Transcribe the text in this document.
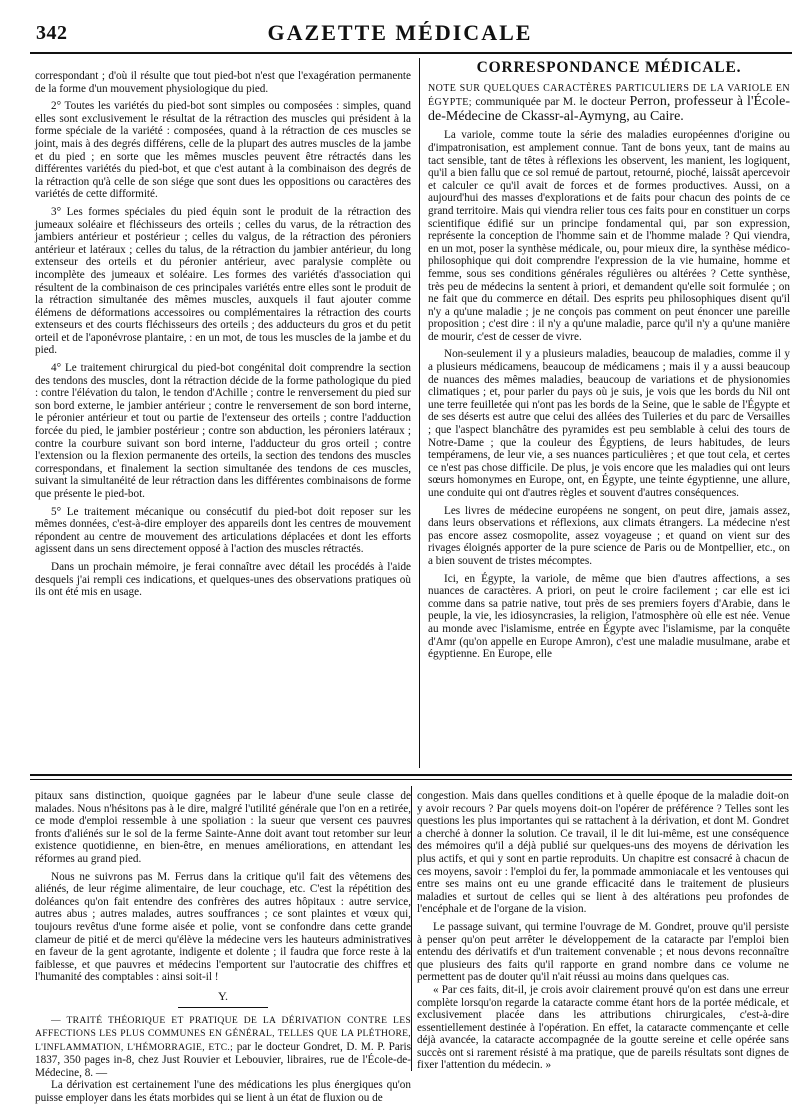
342	GAZETTE MÉDICALE

correspondant ; d'où il résulte que tout pied-bot n'est que l'exagération permanente de la forme d'un mouvement physiologique du pied.

2° Toutes les variétés du pied-bot sont simples ou composées : simples, quand elles sont exclusivement le résultat de la rétraction des muscles qui président à la forme spéciale de la variété : composées, quand à la rétraction de ces muscles se joint, mais à des degrés différens, celle de la plupart des autres muscles de la jambe et du pied ; en sorte que les mêmes muscles peuvent être rétractés dans les différentes variétés du pied-bot, et que c'est autant à la combinaison des degrés de la rétraction qu'à celle de son siége que sont dues les oppositions ou caractères des variétés de cette difformité.

3° Les formes spéciales du pied équin sont le produit de la rétraction des jumeaux soléaire et fléchisseurs des orteils ; celles du varus, de la rétraction des jambiers antérieur et postérieur ; celles du valgus, de la rétraction des péroniers antérieur et latéraux ; celles du talus, de la rétraction du jambier antérieur, du long extenseur des orteils et du péronier antérieur, avec paralysie complète ou incomplète des jumeaux et soléaire. Les formes des variétés d'association qui résultent de la combinaison de ces principales variétés entre elles sont le produit de la rétraction simultanée des mêmes muscles, auxquels il faut ajouter comme élémens de déformations accessoires ou complémentaires la rétraction des courts extenseurs et des courts fléchisseurs des orteils ; des adducteurs du gros et du petit orteil et de l'aponévrose plantaire, : en un mot, de tous les muscles de la jambe et du pied.

4° Le traitement chirurgical du pied-bot congénital doit comprendre la section des tendons des muscles, dont la rétraction décide de la forme pathologique du pied : contre l'élévation du talon, le tendon d'Achille ; contre le renversement du pied sur son bord externe, le jambier antérieur ; contre le renversement de son bord interne, le péronier antérieur et tout ou partie de l'extenseur des orteils ; contre l'adduction forcée du pied, le jambier postérieur ; contre son abduction, les péroniers latéraux ; contre la courbure suivant son bord interne, l'adducteur du gros orteil ; contre l'extension ou la flexion permanente des orteils, la section des tendons des muscles correspondans, et finalement la section simultanée des tendons de ces muscles, suivant la simultanéité de leur rétraction dans les différentes combinaisons de forme que présente le pied-bot.

5° Le traitement mécanique ou consécutif du pied-bot doit reposer sur les mêmes données, c'est-à-dire employer des appareils dont les centres de mouvement répondent au centre de mouvement des articulations déplacées et dont les efforts agissent dans un sens directement opposé à l'action des muscles rétractés.

Dans un prochain mémoire, je ferai connaître avec détail les procédés à l'aide desquels j'ai rempli ces indications, et quelques-unes des observations pratiques où ils ont été mis en usage.

CORRESPONDANCE MÉDICALE.

NOTE SUR QUELQUES CARACTÈRES PARTICULIERS DE LA VARIOLE EN ÉGYPTE; communiquée par M. le docteur Perron, professeur à l'École-de-Médecine de Ckassr-al-Aymyng, au Caire.

La variole, comme toute la série des maladies européennes d'origine ou d'impatronisation, est amplement connue. Tant de bons yeux, tant de mains au tact sensible, tant de têtes à réflexions les observent, les manient, les logiquent, qu'il a bien fallu que ce sol remué de partout, retourné, pioché, laissât apercevoir et calculer ce qu'il avait de forces et de formes productives. Aussi, on a aujourd'hui des masses d'explorations et de faits pour chacun des points de ce grand territoire. Mais qui viendra relier tous ces faits pour en constituer un corps scientifique édifié sur un principe fondamental qui, par son expression, représente la conception de l'homme sain et de l'homme malade ? Qui viendra, en un mot, poser la synthèse médicale, ou, pour mieux dire, la synthèse médico-philosophique qui doit comprendre l'expression de la vie humaine, homme et femme, sous ses conditions générales régulières ou altérées ? Cette synthèse, très peu de médecins la sentent à priori, et demandent qu'elle soit formulée ; on ne fait que du commerce en détail. Des esprits peu philosophiques disent qu'il n'y a qu'une maladie ; je ne conçois pas comment on peut énoncer une pareille proposition ; c'est dire : il n'y a qu'une maladie, parce qu'il n'y a qu'une manière de mourir, c'est de cesser de vivre.

Non-seulement il y a plusieurs maladies, beaucoup de maladies, comme il y a plusieurs médicamens, beaucoup de médicamens ; mais il y a aussi beaucoup de nuances des mêmes maladies, beaucoup de variations et de physionomies climatiques ; et, pour parler du pays où je suis, je vois que les bords du Nil ont une terre feuilletée qui n'ont pas les bords de la Seine, que le sable de l'Égypte et de ses déserts est autre que celui des allées des Tuileries et du parc de Versailles ; que l'aspect blanchâtre des pyramides est peu semblable à celui des tours de Notre-Dame ; que la couleur des Égyptiens, de leurs habitudes, de leurs tempéramens, de leur vie, a ses nuances particulières ; et que tout cela, et certes ce n'est pas chose difficile. De plus, je vois encore que les maladies qui ont leurs sœurs homonymes en Europe, ont, en Égypte, une teinte égyptienne, une allure, une conduite qui ont d'autres règles et souvent d'autres conséquences.

Les livres de médecine européens ne songent, on peut dire, jamais assez, dans leurs observations et réflexions, aux climats étrangers. La médecine n'est pas encore assez cosmopolite, assez voyageuse ; et quand on vient sur des rivages éloignés apporter de la pure science de Paris ou de Montpellier, etc., on a bien souvent de tristes mécomptes.

Ici, en Égypte, la variole, de même que bien d'autres affections, a ses nuances de caractères. A priori, on peut le croire facilement ; car elle est ici comme dans sa patrie native, tout près de ses premiers foyers d'Arabie, dans le peuple, la vie, les idiosyncrasies, la religion, l'atmosphère où elle est née. Venue au monde avec l'islamisme, entrée en Égypte avec l'islamisme, par la conquête d'Amr (qu'on appelle en Europe Amron), c'est une maladie musulmane, arabe et égyptienne. En Europe, elle

pitaux sans distinction, quoique gagnées par le labeur d'une seule classe de malades. Nous n'hésitons pas à le dire, malgré l'utilité générale que l'on en a retirée, ce mode d'emploi ressemble à une spoliation : la sueur que versent ces pauvres fronts d'aliénés sur le sol de la ferme Sainte-Anne doit avant tout retomber sur leur existence quotidienne, en bien-être, en menues améliorations, en attendant les réformes au grand pied.

Nous ne suivrons pas M. Ferrus dans la critique qu'il fait des vêtemens des aliénés, de leur régime alimentaire, de leur couchage, etc. C'est la répétition des doléances qu'on fait entendre des confrères des autres hôpitaux : autre service, autres abus ; autres malades, autres souffrances ; ce sont plaintes et vœux qui, toujours revêtus d'une forme aisée et polie, vont se confondre dans cette grande clameur de pitié et de merci qu'élève la médecine vers les hauteurs administratives en faveur de la gent agrotante, indigente et dolente ; il faudra que force reste à la faiblesse, et que pauvres et médecins l'emportent sur l'autocratie des chiffres et l'humanité des comptables : ainsi soit-il !

Y.

— TRAITÉ THÉORIQUE ET PRATIQUE DE LA DÉRIVATION CONTRE LES AFFECTIONS LES PLUS COMMUNES EN GÉNÉRAL, TELLES QUE LA PLÉTHORE, L'INFLAMMATION, L'HÉMORRAGIE, ETC.; par le docteur Gondret, D. M. P. Paris 1837, 350 pages in-8, chez Just Rouvier et Lebouvier, libraires, rue de l'École-de-Médecine, 8. —

La dérivation est certainement l'une des médications les plus énergiques qu'on puisse employer dans les états morbides qui se lient à un état de fluxion ou de

congestion. Mais dans quelles conditions et à quelle époque de la maladie doit-on y avoir recours ? Par quels moyens doit-on l'opérer de préférence ? Telles sont les questions les plus importantes qui se rattachent à la dérivation, et dont M. Gondret a cherché à donner la solution. Ce travail, il le dit lui-même, est une conséquence des mémoires qu'il a déjà publié sur quelques-uns des moyens de dérivation les plus actifs, et qui y sont en partie reproduits. Un chapitre est consacré à chacun de ces moyens, savoir : l'emploi du fer, la pommade ammoniacale et les ventouses qui entre ses mains ont eu une grande efficacité dans le traitement de plusieurs maladies et surtout de celles qui se lient à des altérations peu profondes de l'encéphale et de l'organe de la vision.

Le passage suivant, qui termine l'ouvrage de M. Gondret, prouve qu'il persiste à penser qu'on peut arrêter le développement de la cataracte par l'emploi bien entendu des dérivatifs et d'un traitement convenable ; et nous devons reconnaître que plusieurs des faits qu'il rapporte en grand nombre dans ce volume ne permettent pas de douter qu'il n'ait réussi au moins dans quelques cas.

« Par ces faits, dit-il, je crois avoir clairement prouvé qu'on est dans une erreur complète lorsqu'on regarde la cataracte comme étant hors de la portée médicale, et exclusivement placée dans les attributions chirurgicales, c'est-à-dire essentiellement destinée à l'opération. En effet, la cataracte commençante et celle déjà avancée, la cataracte accompagnée de la goutte sereine et celle opérée sans succès ont si rarement résisté à ma pratique, que de pareils résultats sont dignes de fixer l'attention du médecin. »
